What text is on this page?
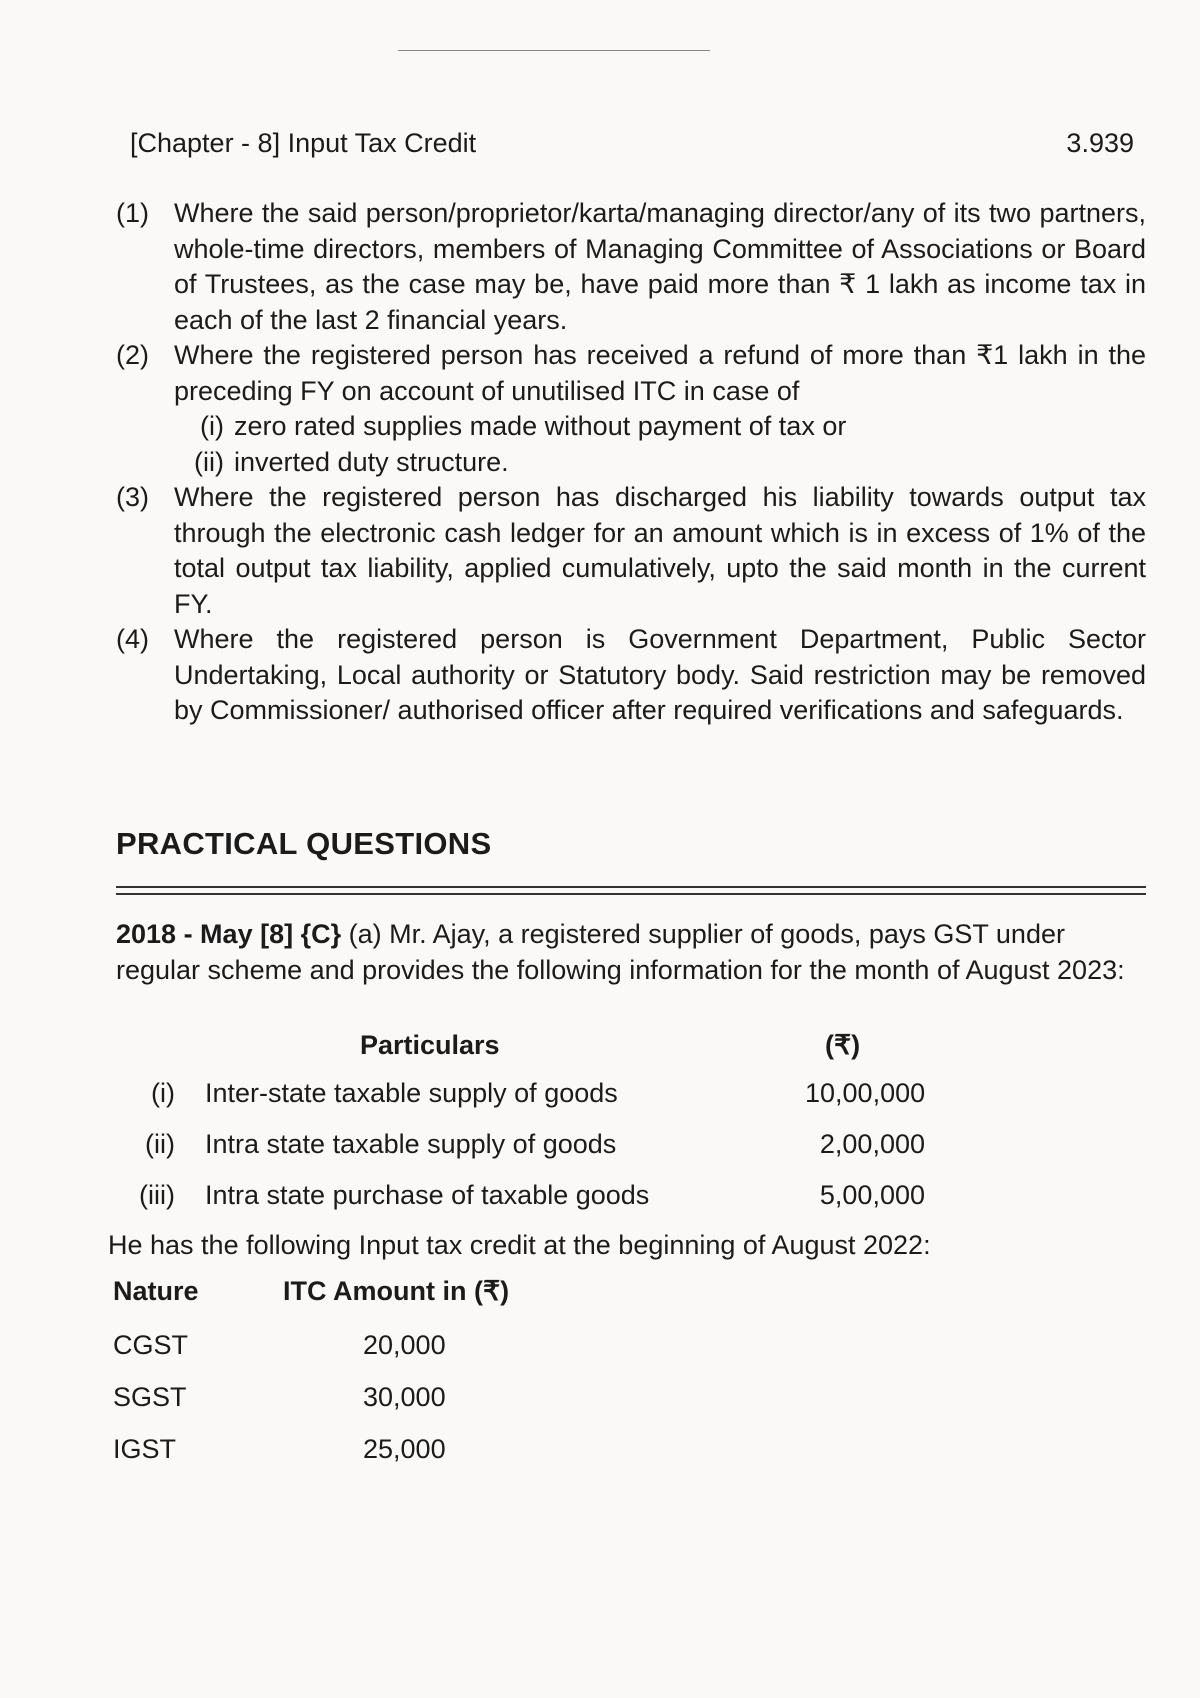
[Chapter - 8] Input Tax Credit	3.939
(1) Where the said person/proprietor/karta/managing director/any of its two partners, whole-time directors, members of Managing Committee of Associations or Board of Trustees, as the case may be, have paid more than ₹ 1 lakh as income tax in each of the last 2 financial years.
(2) Where the registered person has received a refund of more than ₹1 lakh in the preceding FY on account of unutilised ITC in case of
(i) zero rated supplies made without payment of tax or
(ii) inverted duty structure.
(3) Where the registered person has discharged his liability towards output tax through the electronic cash ledger for an amount which is in excess of 1% of the total output tax liability, applied cumulatively, upto the said month in the current FY.
(4) Where the registered person is Government Department, Public Sector Undertaking, Local authority or Statutory body. Said restriction may be removed by Commissioner/ authorised officer after required verifications and safeguards.
PRACTICAL QUESTIONS
2018 - May [8] {C} (a) Mr. Ajay, a registered supplier of goods, pays GST under regular scheme and provides the following information for the month of August 2023:
Particulars	(₹)
(i) Inter-state taxable supply of goods	10,00,000
(ii) Intra state taxable supply of goods	2,00,000
(iii) Intra state purchase of taxable goods	5,00,000
He has the following Input tax credit at the beginning of August 2022:
Nature	ITC Amount in (₹)
CGST	20,000
SGST	30,000
IGST	25,000
